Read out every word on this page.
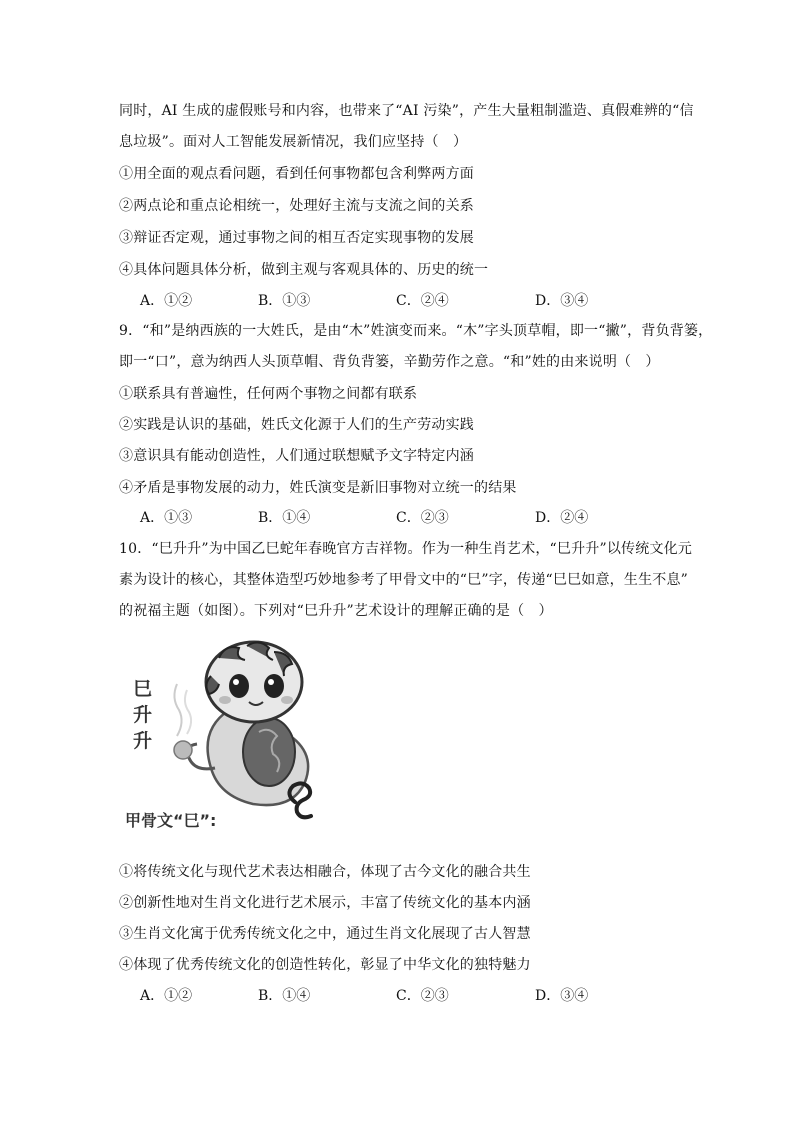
同时，AI 生成的虚假账号和内容，也带来了“AI 污染”，产生大量粗制滥造、真假难辨的“信
息垃圾”。面对人工智能发展新情况，我们应坚持（　）
①用全面的观点看问题，看到任何事物都包含利弊两方面
②两点论和重点论相统一，处理好主流与支流之间的关系
③辩证否定观，通过事物之间的相互否定实现事物的发展
④具体问题具体分析，做到主观与客观具体的、历史的统一
A．①②	B．①③	C．②④	D．③④
9．“和”是纳西族的一大姓氏，是由“木”姓演变而来。“木”字头顶草帽，即一“撇”，背负背篓，
即一“口”，意为纳西人头顶草帽、背负背篓，辛勤劳作之意。“和”姓的由来说明（　）
①联系具有普遍性，任何两个事物之间都有联系
②实践是认识的基础，姓氏文化源于人们的生产劳动实践
③意识具有能动创造性，人们通过联想赋予文字特定内涵
④矛盾是事物发展的动力，姓氏演变是新旧事物对立统一的结果
A．①③	B．①④	C．②③	D．②④
10．“巳升升”为中国乙巳蛇年春晚官方吉祥物。作为一种生肖艺术，“巳升升”以传统文化元
素为设计的核心，其整体造型巧妙地参考了甲骨文中的“巳”字，传递“巳巳如意，生生不息”
的祝福主题（如图）。下列对“巳升升”艺术设计的理解正确的是（　）
巳
升
升
甲骨文“巳”:
①将传统文化与现代艺术表达相融合，体现了古今文化的融合共生
②创新性地对生肖文化进行艺术展示，丰富了传统文化的基本内涵
③生肖文化寓于优秀传统文化之中，通过生肖文化展现了古人智慧
④体现了优秀传统文化的创造性转化，彰显了中华文化的独特魅力
A．①②	B．①④	C．②③	D．③④
